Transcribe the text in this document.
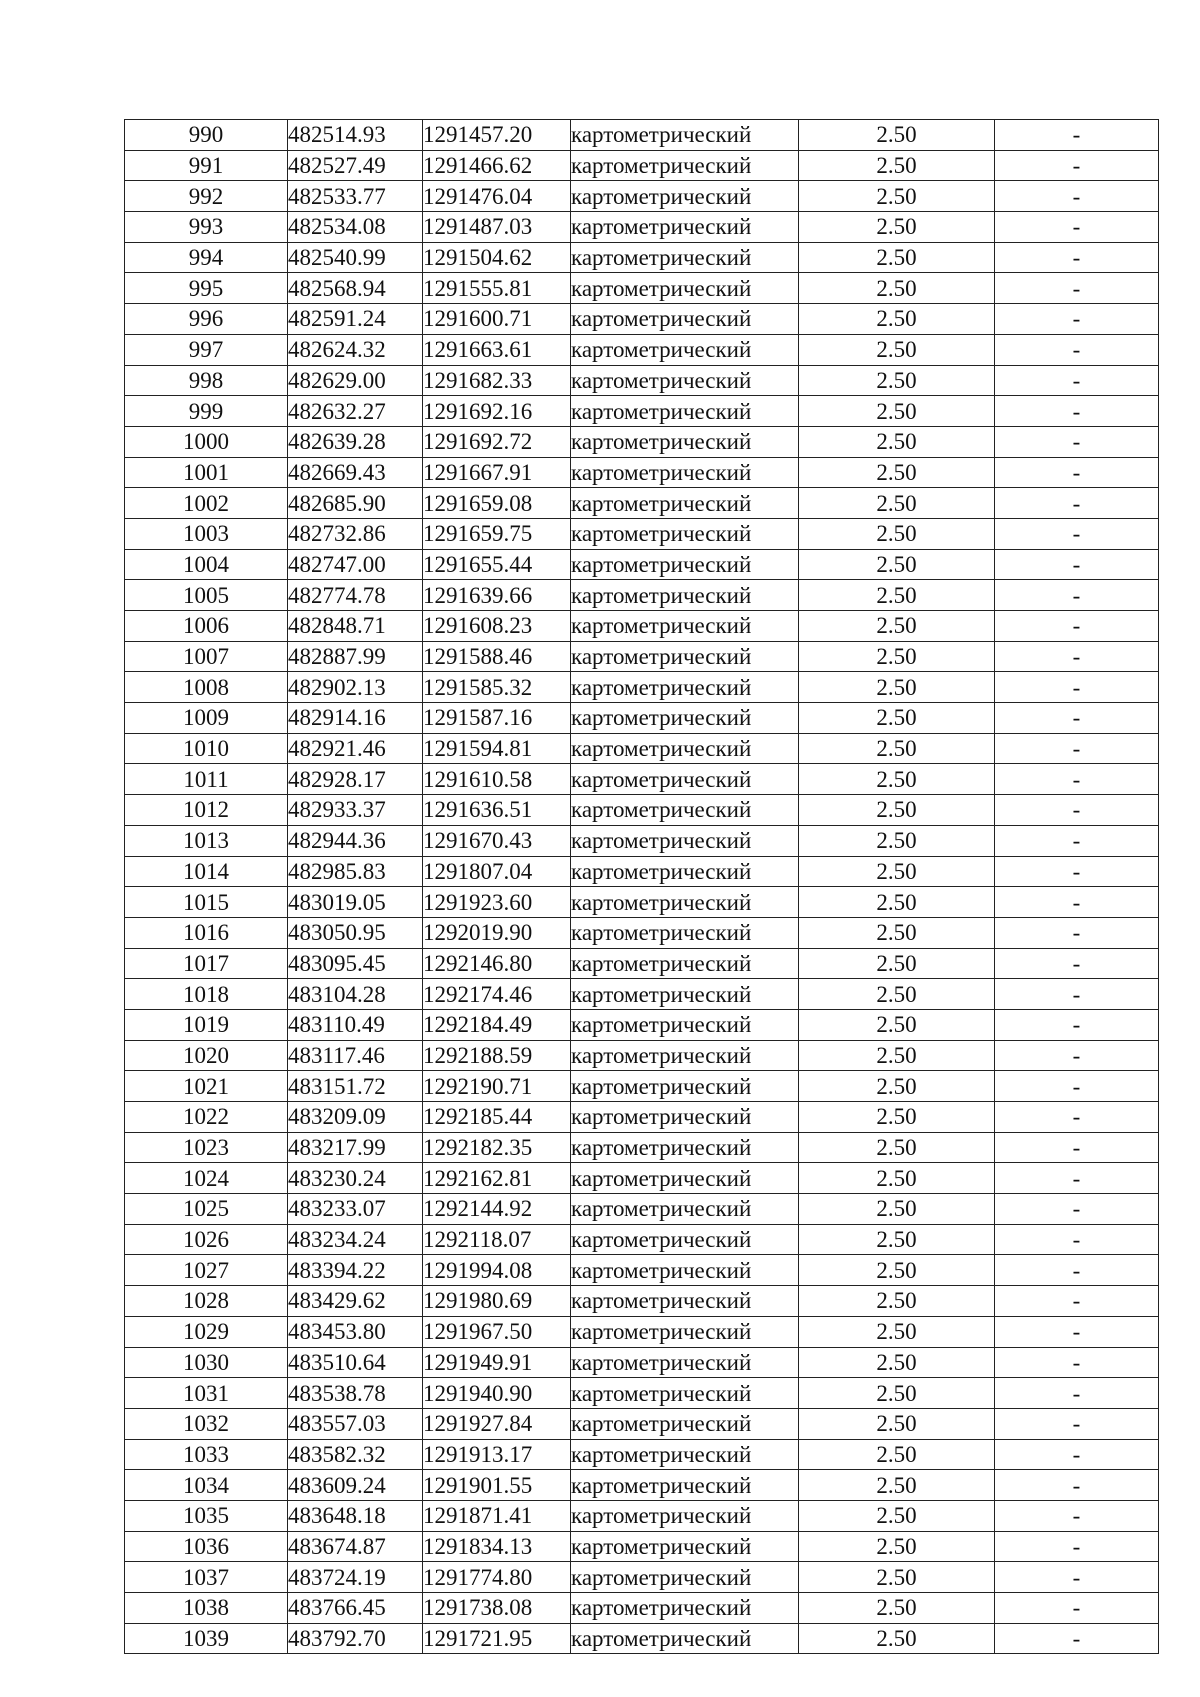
990	482514.93	1291457.20	картометрический	2.50	-
991	482527.49	1291466.62	картометрический	2.50	-
992	482533.77	1291476.04	картометрический	2.50	-
993	482534.08	1291487.03	картометрический	2.50	-
994	482540.99	1291504.62	картометрический	2.50	-
995	482568.94	1291555.81	картометрический	2.50	-
996	482591.24	1291600.71	картометрический	2.50	-
997	482624.32	1291663.61	картометрический	2.50	-
998	482629.00	1291682.33	картометрический	2.50	-
999	482632.27	1291692.16	картометрический	2.50	-
1000	482639.28	1291692.72	картометрический	2.50	-
1001	482669.43	1291667.91	картометрический	2.50	-
1002	482685.90	1291659.08	картометрический	2.50	-
1003	482732.86	1291659.75	картометрический	2.50	-
1004	482747.00	1291655.44	картометрический	2.50	-
1005	482774.78	1291639.66	картометрический	2.50	-
1006	482848.71	1291608.23	картометрический	2.50	-
1007	482887.99	1291588.46	картометрический	2.50	-
1008	482902.13	1291585.32	картометрический	2.50	-
1009	482914.16	1291587.16	картометрический	2.50	-
1010	482921.46	1291594.81	картометрический	2.50	-
1011	482928.17	1291610.58	картометрический	2.50	-
1012	482933.37	1291636.51	картометрический	2.50	-
1013	482944.36	1291670.43	картометрический	2.50	-
1014	482985.83	1291807.04	картометрический	2.50	-
1015	483019.05	1291923.60	картометрический	2.50	-
1016	483050.95	1292019.90	картометрический	2.50	-
1017	483095.45	1292146.80	картометрический	2.50	-
1018	483104.28	1292174.46	картометрический	2.50	-
1019	483110.49	1292184.49	картометрический	2.50	-
1020	483117.46	1292188.59	картометрический	2.50	-
1021	483151.72	1292190.71	картометрический	2.50	-
1022	483209.09	1292185.44	картометрический	2.50	-
1023	483217.99	1292182.35	картометрический	2.50	-
1024	483230.24	1292162.81	картометрический	2.50	-
1025	483233.07	1292144.92	картометрический	2.50	-
1026	483234.24	1292118.07	картометрический	2.50	-
1027	483394.22	1291994.08	картометрический	2.50	-
1028	483429.62	1291980.69	картометрический	2.50	-
1029	483453.80	1291967.50	картометрический	2.50	-
1030	483510.64	1291949.91	картометрический	2.50	-
1031	483538.78	1291940.90	картометрический	2.50	-
1032	483557.03	1291927.84	картометрический	2.50	-
1033	483582.32	1291913.17	картометрический	2.50	-
1034	483609.24	1291901.55	картометрический	2.50	-
1035	483648.18	1291871.41	картометрический	2.50	-
1036	483674.87	1291834.13	картометрический	2.50	-
1037	483724.19	1291774.80	картометрический	2.50	-
1038	483766.45	1291738.08	картометрический	2.50	-
1039	483792.70	1291721.95	картометрический	2.50	-
